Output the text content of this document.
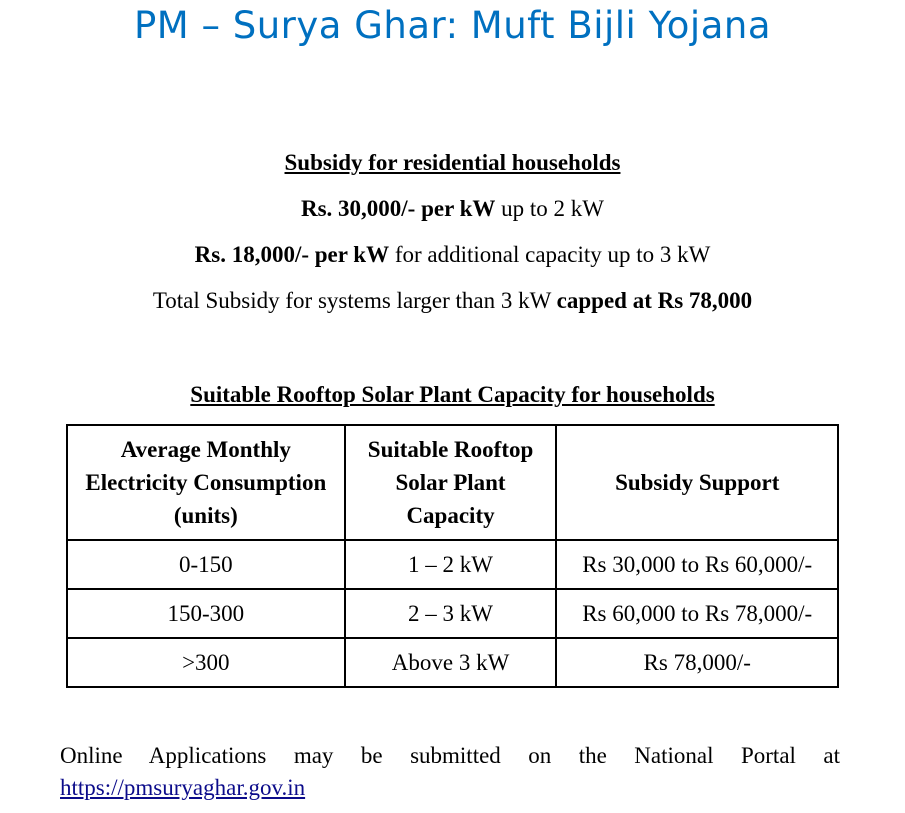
PM – Surya Ghar: Muft Bijli Yojana
Subsidy for residential households
Rs. 30,000/- per kW up to 2 kW
Rs. 18,000/- per kW for additional capacity up to 3 kW
Total Subsidy for systems larger than 3 kW capped at Rs 78,000
Suitable Rooftop Solar Plant Capacity for households
Average Monthly Electricity Consumption (units)	Suitable Rooftop Solar Plant Capacity	Subsidy Support
0-150	1 – 2 kW	Rs 30,000 to Rs 60,000/-
150-300	2 – 3 kW	Rs 60,000 to Rs 78,000/-
>300	Above 3 kW	Rs 78,000/-
Online Applications may be submitted on the National Portal at
https://pmsuryaghar.gov.in
